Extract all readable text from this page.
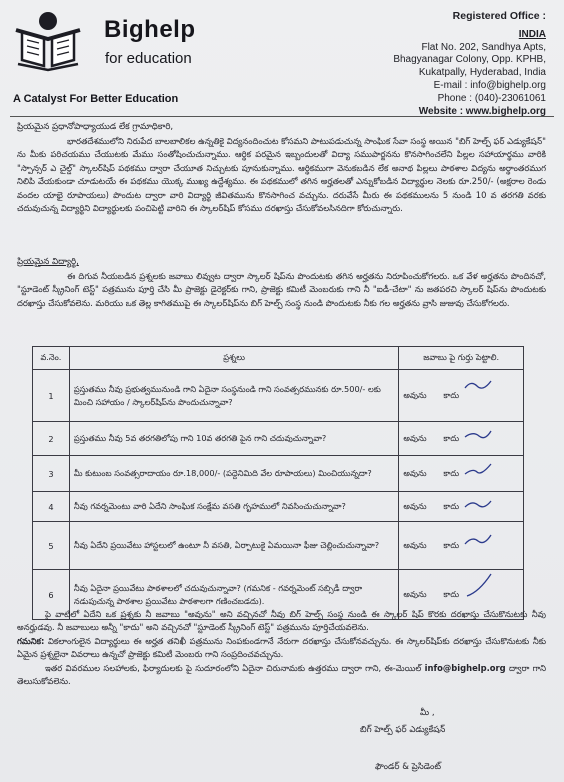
Bighelp
for education
A Catalyst For Better Education
Registered Office :
INDIA
Flat No. 202, Sandhya Apts,
Bhagyanagar Colony, Opp. KPHB,
Kukatpally, Hyderabad, India
E-mail : info@bighelp.org
Phone : (040)-23061061
Website : www.bighelp.org
ప్రియమైన ప్రధానోపాధ్యాయుడ లేక గ్రామాధికారి,
భారతదేశములోని నిరుపేద బాలబాలికల ఉన్నతికై విద్యనందించుట కోసమని పాటుపడుచున్న సాంఘిక సేవా సంస్థ అయిన "బిగ్ హెల్ప్ ఫర్ ఎడ్యుకేషన్" ను మీకు పరిచయము చేయుటకు మేము సంతోషించుచున్నాము. ఆర్థిక పరమైన ఇబ్బందులతో విద్యా సముపార్జనను కొనసాగించలేని పిల్లల సహాయార్థము వారికి "స్పాన్సర్ ఎ చైల్డ్" స్కాలర్‌షిప్ పథకము ద్వారా చేయూత నిచ్చుటకు పూనుకున్నాము. ఆర్థికముగా వెనుకబడిన లేక అనాథ పిల్లలు పాఠశాల విద్యను అర్థాంతరముగ నిలిపి వేయకుండా చూడుటయే ఈ పథకము యొక్క ముఖ్య ఉద్దేశ్యము. ఈ పథకములో తగిన అర్హతలతో ఎన్నుకోబడిన విద్యార్థుల నెలకు రూ.250/- (అక్షరాల రెండు వందల యాభై రూపాయలు) పొందుట ద్వారా వారి విద్యార్థి జీవితమును కొనసాగించ వచ్చును. దరువేసే మీరు ఈ పథకములను 5 నుండి 10 వ తరగతి వరకు చదువుచున్న విద్యార్థిని విద్యార్థులకు పంచిపెట్టి వారిని ఈ స్కాలర్‌షిప్ కోసము దరఖాస్తు చేసుకోవలసినదిగా కోరుచున్నారు.
ప్రియమైన విద్యార్థి,
ఈ దిగువ నీయబడిన ప్రశ్నలకు జవాబు లివ్వుట ద్వారా స్కాలర్ షిప్‌ను పొందుటకు తగిన అర్హతను నిరూపించుకోగలరు. ఒక వేళ అర్హతను పొందినచో, "స్టూడెంట్ స్క్రీనింగ్ టెస్ట్" పత్రమును పూర్తి చేసి మీ ప్రాజెక్టు డైరెక్టర్‌కు గాని, ప్రాజెక్టు కమిటీ మెంబరుకు గాని నీ "ఐడీ-చేటా" ను జతపరచి స్కాలర్ షిప్‌ను పొందుటకు దరఖాస్తు చేసుకోవలెను. మరియు ఒక తెల్ల కాగితముపై ఈ స్కాలర్‌షిప్‌ను బిగ్ హెల్ప్ సంస్థ నుండి పొందుటకు నీకు గల అర్హతను వ్రాసి జుజువు చేసుకోగలరు.
వ.నెం.	ప్రశ్నలు	జవాబు పై గుర్తు పెట్టాలి.
1	ప్రస్తుతము నీవు ప్రభుత్వమునుండి గాని ఏదైనా సంస్థనుండి గాని సంవత్సరమునకు రూ.500/- లకు మించి సహాయం / స్కాలర్‌షిప్‌ను పొందుచున్నావా?	అవును కాదు

2	ప్రస్తుతము నీవు 5వ తరగతిలోపు గాని 10వ తరగతి పైన గాని చదువుచున్నావా?	అవును కాదు

3	మీ కుటుంబ సంవత్సరాదాయం రూ.18,000/- (పద్దెనిమిది వేల రూపాయలు) మించియున్నదా?	అవును కాదు

4	నీవు గవర్నమెంటు వారి ఏదేని సాంఘిక సంక్షేమ వసతి గృహములో నివసించుచున్నావా?	అవును కాదు

5	నీవు ఏదేని ప్రయివేటు హాస్టలులో ఉంటూ నీ వసతి, ఏర్పాటుకై ఏమయినా ఫీజు చెల్లించుచున్నావా?	అవును కాదు

6	నీవు ఏదైనా ప్రయివేటు పాఠశాలలో చదువుచున్నావా? (గమనిక - గవర్నమెంట్ సబ్సిడీ ద్వారా నడుపుచున్న పాఠశాల ప్రయివేటు పాఠశాలగా గణించబడదు).	అవును కాదు
పై వాటిలో ఏదేని ఒక ప్రశ్నకు నీ జవాబు "అవును" అని వచ్చినచో నీవు బిగ్ హెల్ప్ సంస్థ నుండి ఈ స్కాలర్ షిప్ కొరకు దరఖాస్తు చేసుకొనుటకు నీవు అనర్హుడవు. నీ జవాబులు అన్నీ "కాదు" అని వచ్చినచో "స్టూడెంట్ స్క్రీనింగ్ టెస్ట్" పత్రమును పూర్తిచేయవలెను.
గమనిక: వికలాంగులైన విద్యార్థులు ఈ అర్హత తనిఖీ పత్రమును నింపకుండగానే నేరుగా దరఖాస్తు చేసుకోనవచ్చును. ఈ స్కాలర్‌షిప్‌కు దరఖాస్తు చేసుకొనుటకు నీకు ఏమైన ప్రశ్నలైనా వివరాలు ఉన్నచో ప్రాజెక్టు కమిటీ మెంబరు గాని సంప్రదించవచ్చును.
ఇతర వివరముల సలహాలకు, ఫిర్యాదులకు పై సుదూరంలోని ఏదైనా చిరునామకు ఉత్తరము ద్వారా గాని, ఈ-మెయిల్ info@bighelp.org ద్వారా గాని తెలుసుకోవలెను.
మీ ,
బిగ్ హెల్ప్ ఫర్ ఎడ్యుకేషన్
ఫౌండర్ & ప్రెసిడెంట్
